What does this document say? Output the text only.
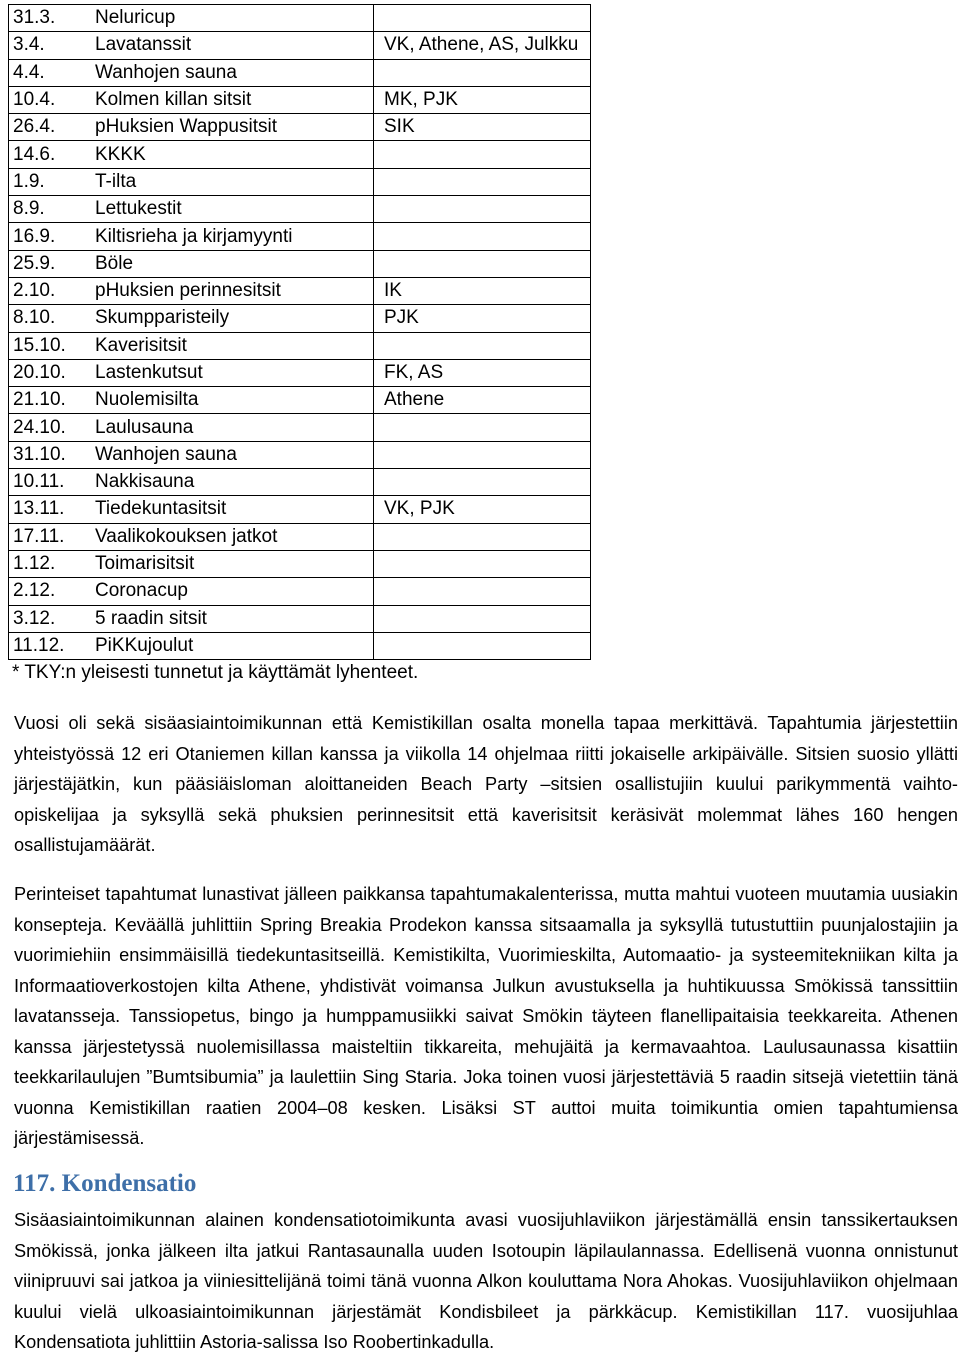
31.3.	Neluricup	
3.4.	Lavatanssit	VK, Athene, AS, Julkku
4.4.	Wanhojen sauna	
10.4.	Kolmen killan sitsit	MK, PJK
26.4.	pHuksien Wappusitsit	SIK
14.6.	KKKK	
1.9.	T-ilta	
8.9.	Lettukestit	
16.9.	Kiltisrieha ja kirjamyynti	
25.9.	Böle	
2.10.	pHuksien perinnesitsit	IK
8.10.	Skumpparisteily	PJK
15.10.	Kaverisitsit	
20.10.	Lastenkutsut	FK, AS
21.10.	Nuolemisilta	Athene
24.10.	Laulusauna	
31.10.	Wanhojen sauna	
10.11.	Nakkisauna	
13.11.	Tiedekuntasitsit	VK, PJK
17.11.	Vaalikokouksen jatkot	
1.12.	Toimarisitsit	
2.12.	Coronacup	
3.12.	5 raadin sitsit	
11.12.	PiKKujoulut	
* TKY:n yleisesti tunnetut ja käyttämät lyhenteet.

Vuosi oli sekä sisäasiaintoimikunnan että Kemistikillan osalta monella tapaa merkittävä. Tapahtumia järjestettiin yhteistyössä 12 eri Otaniemen killan kanssa ja viikolla 14 ohjelmaa riitti jokaiselle arkipäivälle. Sitsien suosio yllätti järjestäjätkin, kun pääsiäisloman aloittaneiden Beach Party –sitsien osallistujiin kuului parikymmentä vaihto-opiskelijaa ja syksyllä sekä phuksien perinnesitsit että kaverisitsit keräsivät molemmat lähes 160 hengen osallistujamäärät.

Perinteiset tapahtumat lunastivat jälleen paikkansa tapahtumakalenterissa, mutta mahtui vuoteen muutamia uusiakin konsepteja. Keväällä juhlittiin Spring Breakia Prodekon kanssa sitsaamalla ja syksyllä tutustuttiin puunjalostajiin ja vuorimiehiin ensimmäisillä tiedekuntasitseillä. Kemistikilta, Vuorimieskilta, Automaatio- ja systeemitekniikan kilta ja Informaatioverkostojen kilta Athene, yhdistivät voimansa Julkun avustuksella ja huhtikuussa Smökissä tanssittiin lavatansseja. Tanssiopetus, bingo ja humppamusiikki saivat Smökin täyteen flanellipaitaisia teekkareita. Athenen kanssa järjestetyssä nuolemisillassa maisteltiin tikkareita, mehujäitä ja kermavaahtoa. Laulusaunassa kisattiin teekkarilaulujen ”Bumtsibumia” ja laulettiin Sing Staria. Joka toinen vuosi järjestettäviä 5 raadin sitsejä vietettiin tänä vuonna Kemistikillan raatien 2004–08 kesken. Lisäksi ST auttoi muita toimikuntia omien tapahtumiensa järjestämisessä.

117. Kondensatio

Sisäasiaintoimikunnan alainen kondensatiotoimikunta avasi vuosijuhlaviikon järjestämällä ensin tanssikertauksen Smökissä, jonka jälkeen ilta jatkui Rantasaunalla uuden Isotoupin läpilaulannassa. Edellisenä vuonna onnistunut viinipruuvi sai jatkoa ja viiniesittelijänä toimi tänä vuonna Alkon kouluttama Nora Ahokas. Vuosijuhlaviikon ohjelmaan kuului vielä ulkoasiaintoimikunnan järjestämät Kondisbileet ja pärkkäcup. Kemistikillan 117. vuosijuhlaa Kondensatiota juhlittiin Astoria-salissa Iso Roobertinkadulla.
